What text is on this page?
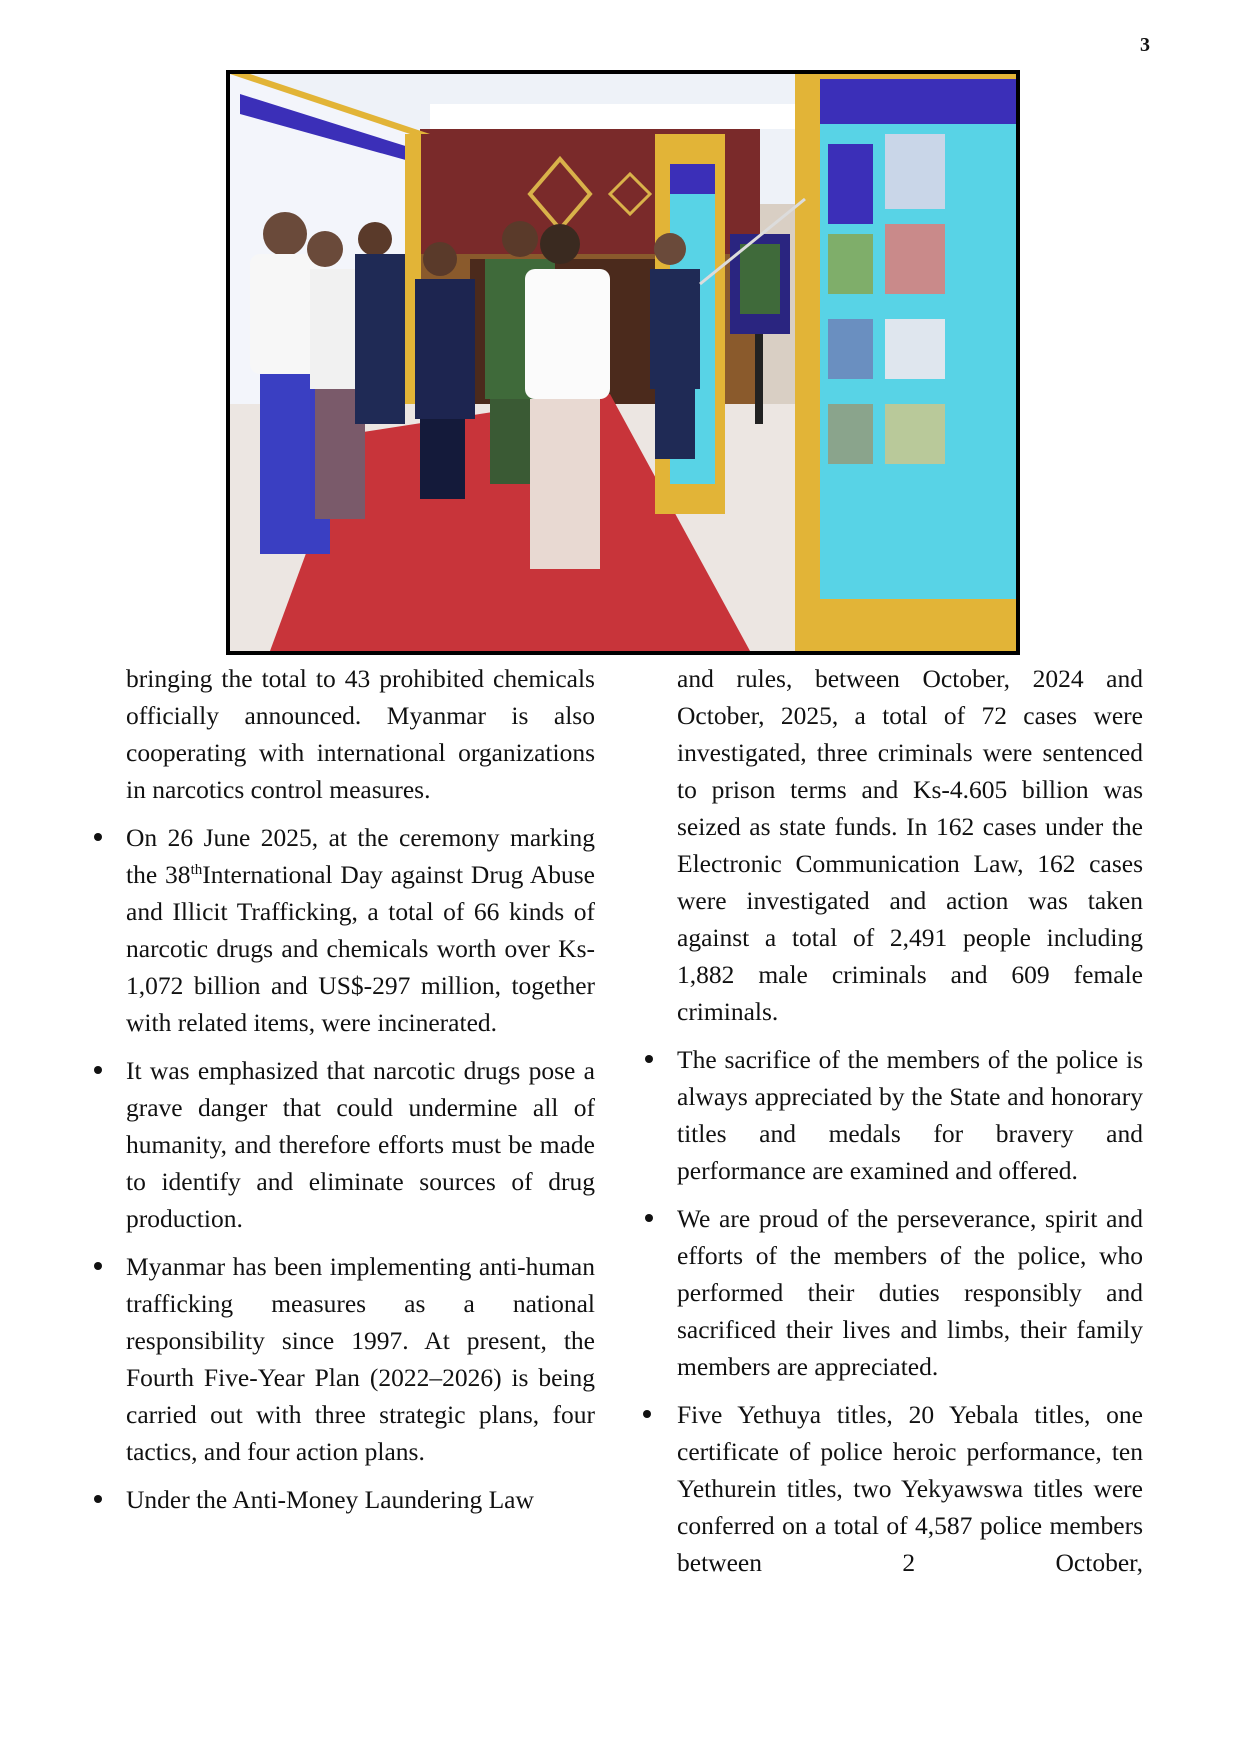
3

bringing the total to 43 prohibited chemicals officially announced. Myanmar is also cooperating with international organizations in narcotics control measures.

On 26 June 2025, at the ceremony marking the 38thInternational Day against Drug Abuse and Illicit Trafficking, a total of 66 kinds of narcotic drugs and chemicals worth over Ks-1,072 billion and US$-297 million, together with related items, were incinerated.

It was emphasized that narcotic drugs pose a grave danger that could undermine all of humanity, and therefore efforts must be made to identify and eliminate sources of drug production.

Myanmar has been implementing anti-human trafficking measures as a national responsibility since 1997. At present, the Fourth Five-Year Plan (2022–2026) is being carried out with three strategic plans, four tactics, and four action plans.

Under the Anti-Money Laundering Law

and rules, between October, 2024 and October, 2025, a total of 72 cases were investigated, three criminals were sentenced to prison terms and Ks-4.605 billion was seized as state funds. In 162 cases under the Electronic Communication Law, 162 cases were investigated and action was taken against a total of 2,491 people including 1,882 male criminals and 609 female criminals.

The sacrifice of the members of the police is always appreciated by the State and honorary titles and medals for bravery and performance are examined and offered.

We are proud of the perseverance, spirit and efforts of the members of the police, who performed their duties responsibly and sacrificed their lives and limbs, their family members are appreciated.

Five Yethuya titles, 20 Yebala titles, one certificate of police heroic performance, ten Yethurein titles, two Yekyawswa titles were conferred on a total of 4,587 police members between 2 October,
